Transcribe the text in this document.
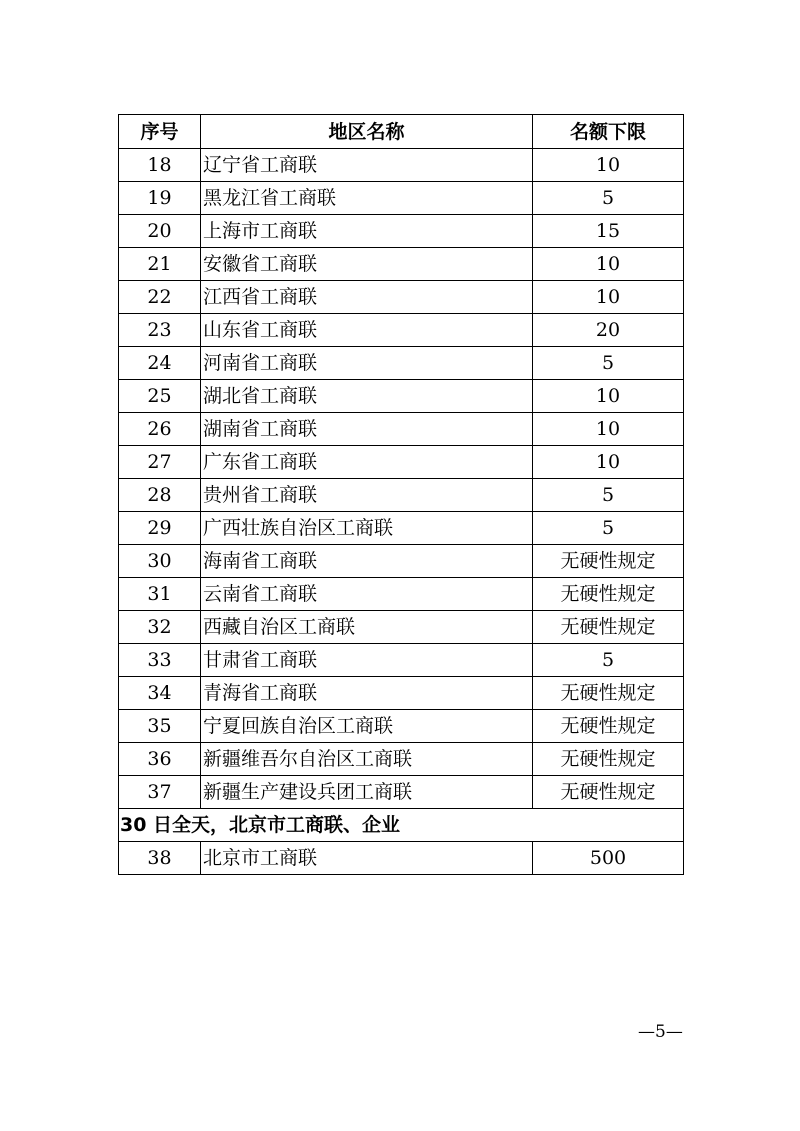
序号	地区名称	名额下限
18	辽宁省工商联	10
19	黑龙江省工商联	5
20	上海市工商联	15
21	安徽省工商联	10
22	江西省工商联	10
23	山东省工商联	20
24	河南省工商联	5
25	湖北省工商联	10
26	湖南省工商联	10
27	广东省工商联	10
28	贵州省工商联	5
29	广西壮族自治区工商联	5
30	海南省工商联	无硬性规定
31	云南省工商联	无硬性规定
32	西藏自治区工商联	无硬性规定
33	甘肃省工商联	5
34	青海省工商联	无硬性规定
35	宁夏回族自治区工商联	无硬性规定
36	新疆维吾尔自治区工商联	无硬性规定
37	新疆生产建设兵团工商联	无硬性规定
30 日全天，北京市工商联、企业		
38	北京市工商联	500
—5—
